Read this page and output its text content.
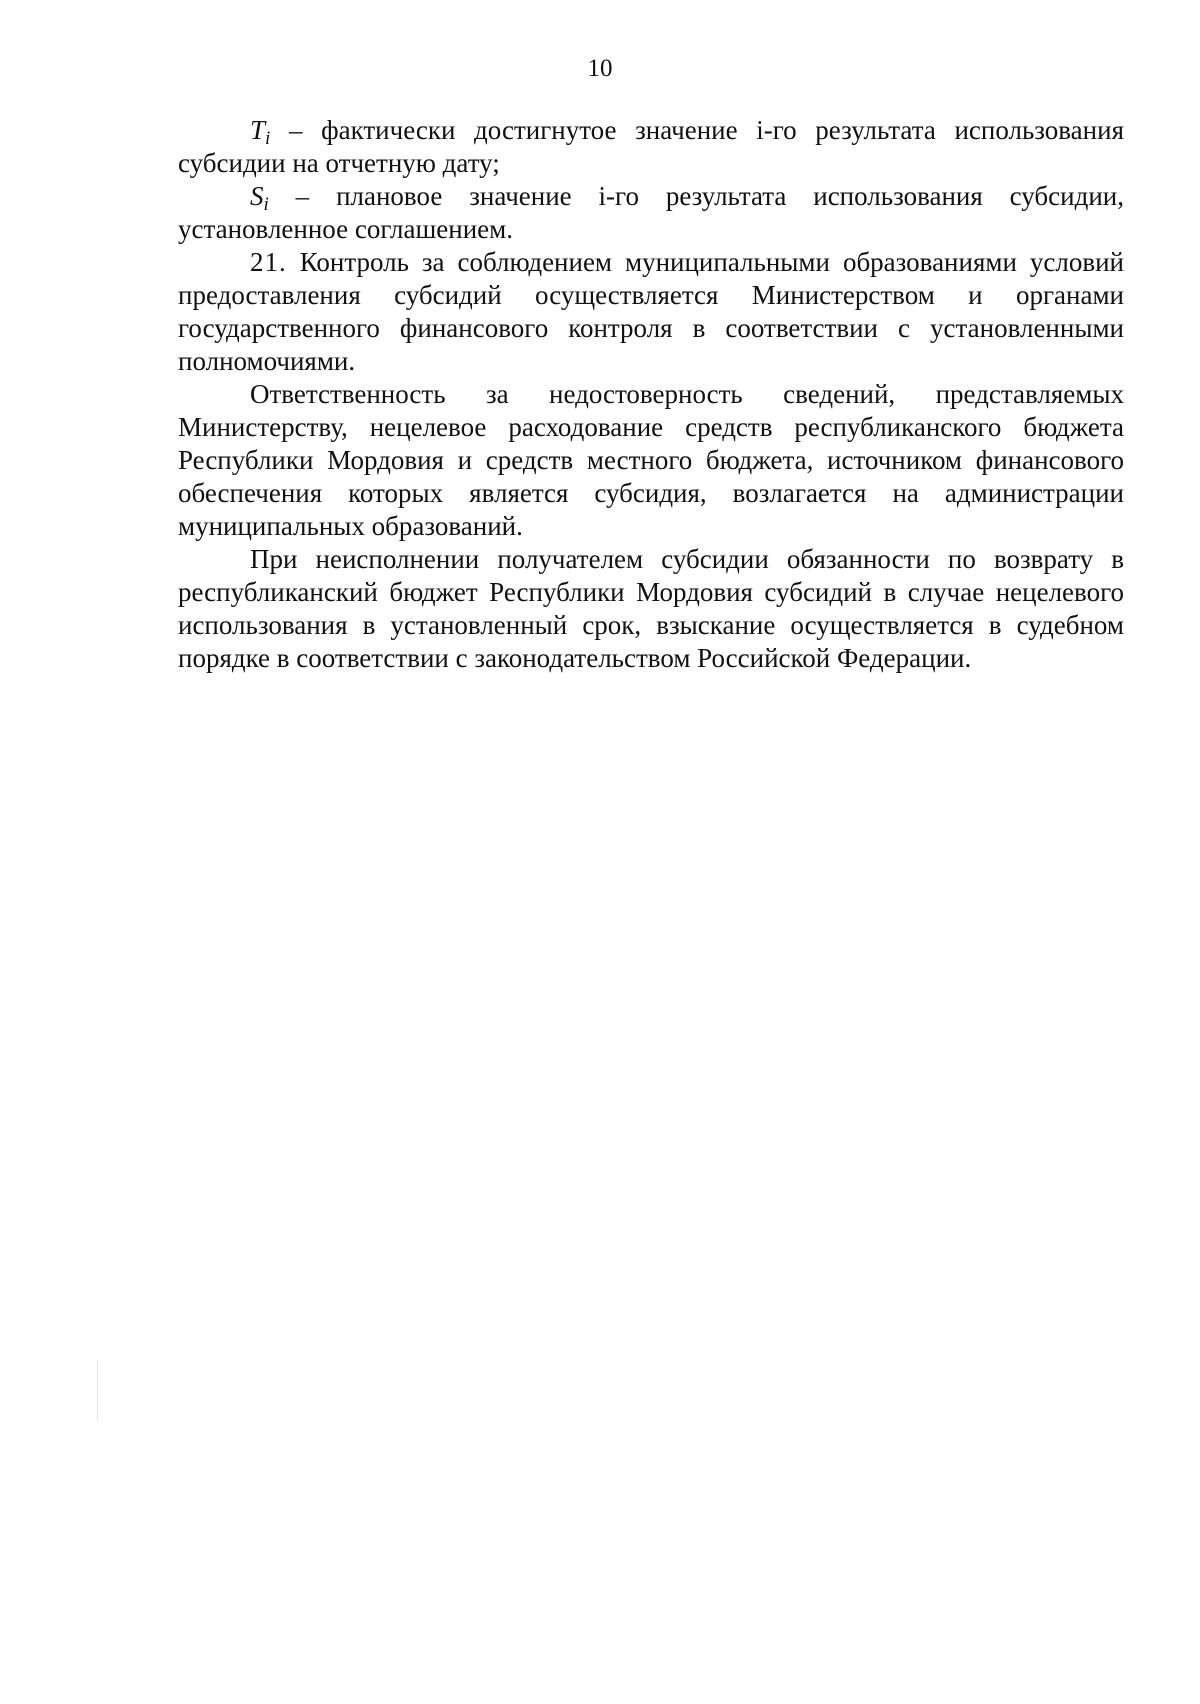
10

$T_i$ – фактически достигнутое значение i-го результата использования субсидии на отчетную дату;

$S_i$ – плановое значение i-го результата использования субсидии, установленное соглашением.

21. Контроль за соблюдением муниципальными образованиями условий предоставления субсидий осуществляется Министерством и органами государственного финансового контроля в соответствии с установленными полномочиями.

Ответственность за недостоверность сведений, представляемых Министерству, нецелевое расходование средств республиканского бюджета Республики Мордовия и средств местного бюджета, источником финансового обеспечения которых является субсидия, возлагается на администрации муниципальных образований.

При неисполнении получателем субсидии обязанности по возврату в республиканский бюджет Республики Мордовия субсидий в случае нецелевого использования в установленный срок, взыскание осуществляется в судебном порядке в соответствии с законодательством Российской Федерации.
